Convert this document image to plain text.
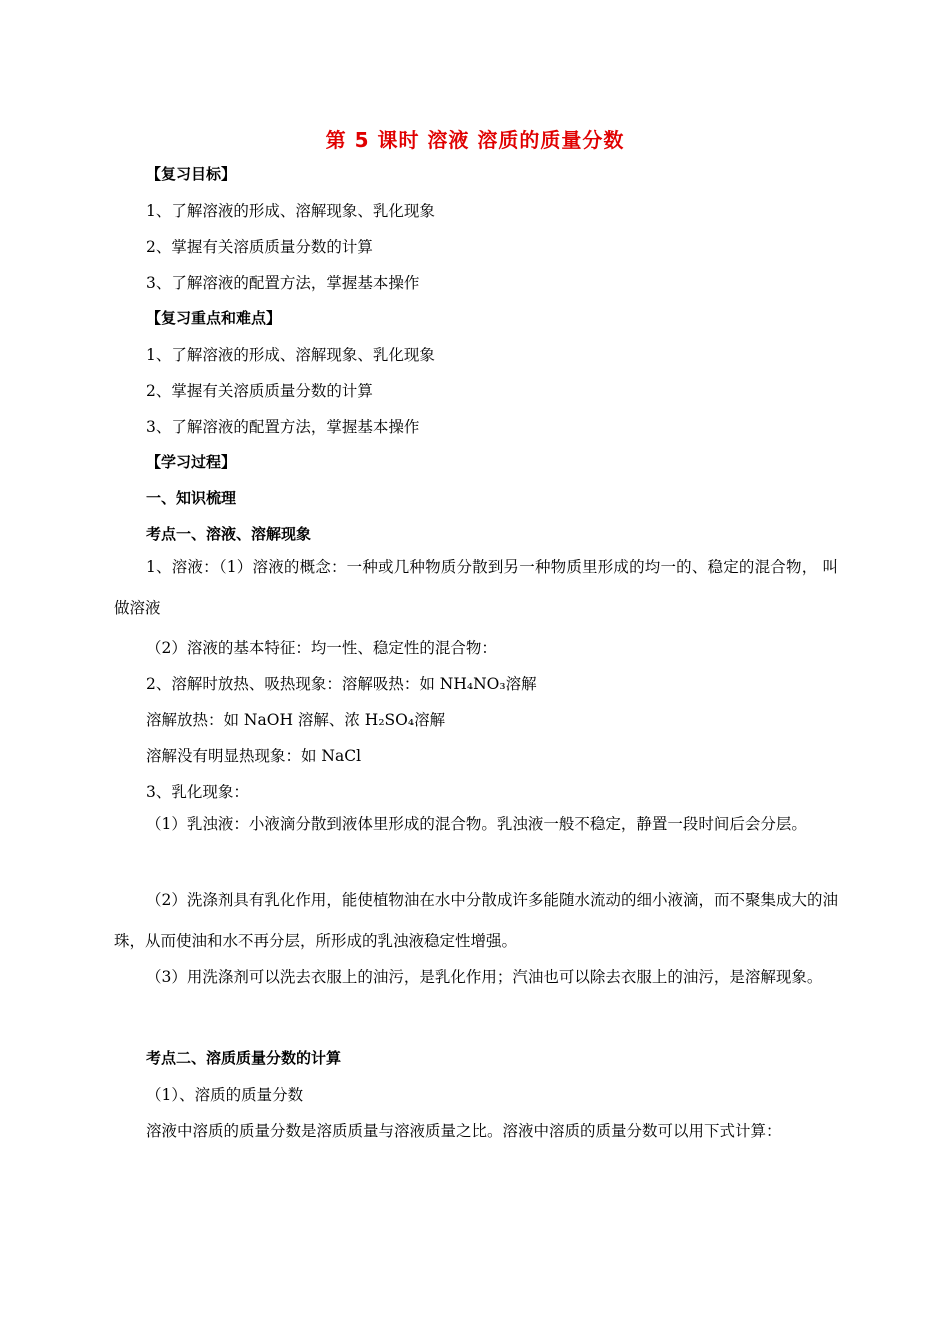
第 5 课时 溶液 溶质的质量分数
【复习目标】
1、了解溶液的形成、溶解现象、乳化现象
2、掌握有关溶质质量分数的计算
3、了解溶液的配置方法，掌握基本操作
【复习重点和难点】
1、了解溶液的形成、溶解现象、乳化现象
2、掌握有关溶质质量分数的计算
3、了解溶液的配置方法，掌握基本操作
【学习过程】
一、知识梳理
考点一、溶液、溶解现象
1、溶液：（1）溶液的概念：一种或几种物质分散到另一种物质里形成的均一的、稳定的混合物， 叫做溶液
（2）溶液的基本特征：均一性、稳定性的混合物：
2、溶解时放热、吸热现象：溶解吸热：如 NH₄NO₃溶解
溶解放热：如 NaOH 溶解、浓 H₂SO₄溶解
溶解没有明显热现象：如 NaCl
3、乳化现象：
（1）乳浊液：小液滴分散到液体里形成的混合物。乳浊液一般不稳定，静置一段时间后会分层。
（2）洗涤剂具有乳化作用，能使植物油在水中分散成许多能随水流动的细小液滴，而不聚集成大的油珠，从而使油和水不再分层，所形成的乳浊液稳定性增强。
（3）用洗涤剂可以洗去衣服上的油污，是乳化作用；汽油也可以除去衣服上的油污，是溶解现象。
考点二、溶质质量分数的计算
（1）、溶质的质量分数
溶液中溶质的质量分数是溶质质量与溶液质量之比。溶液中溶质的质量分数可以用下式计算：
